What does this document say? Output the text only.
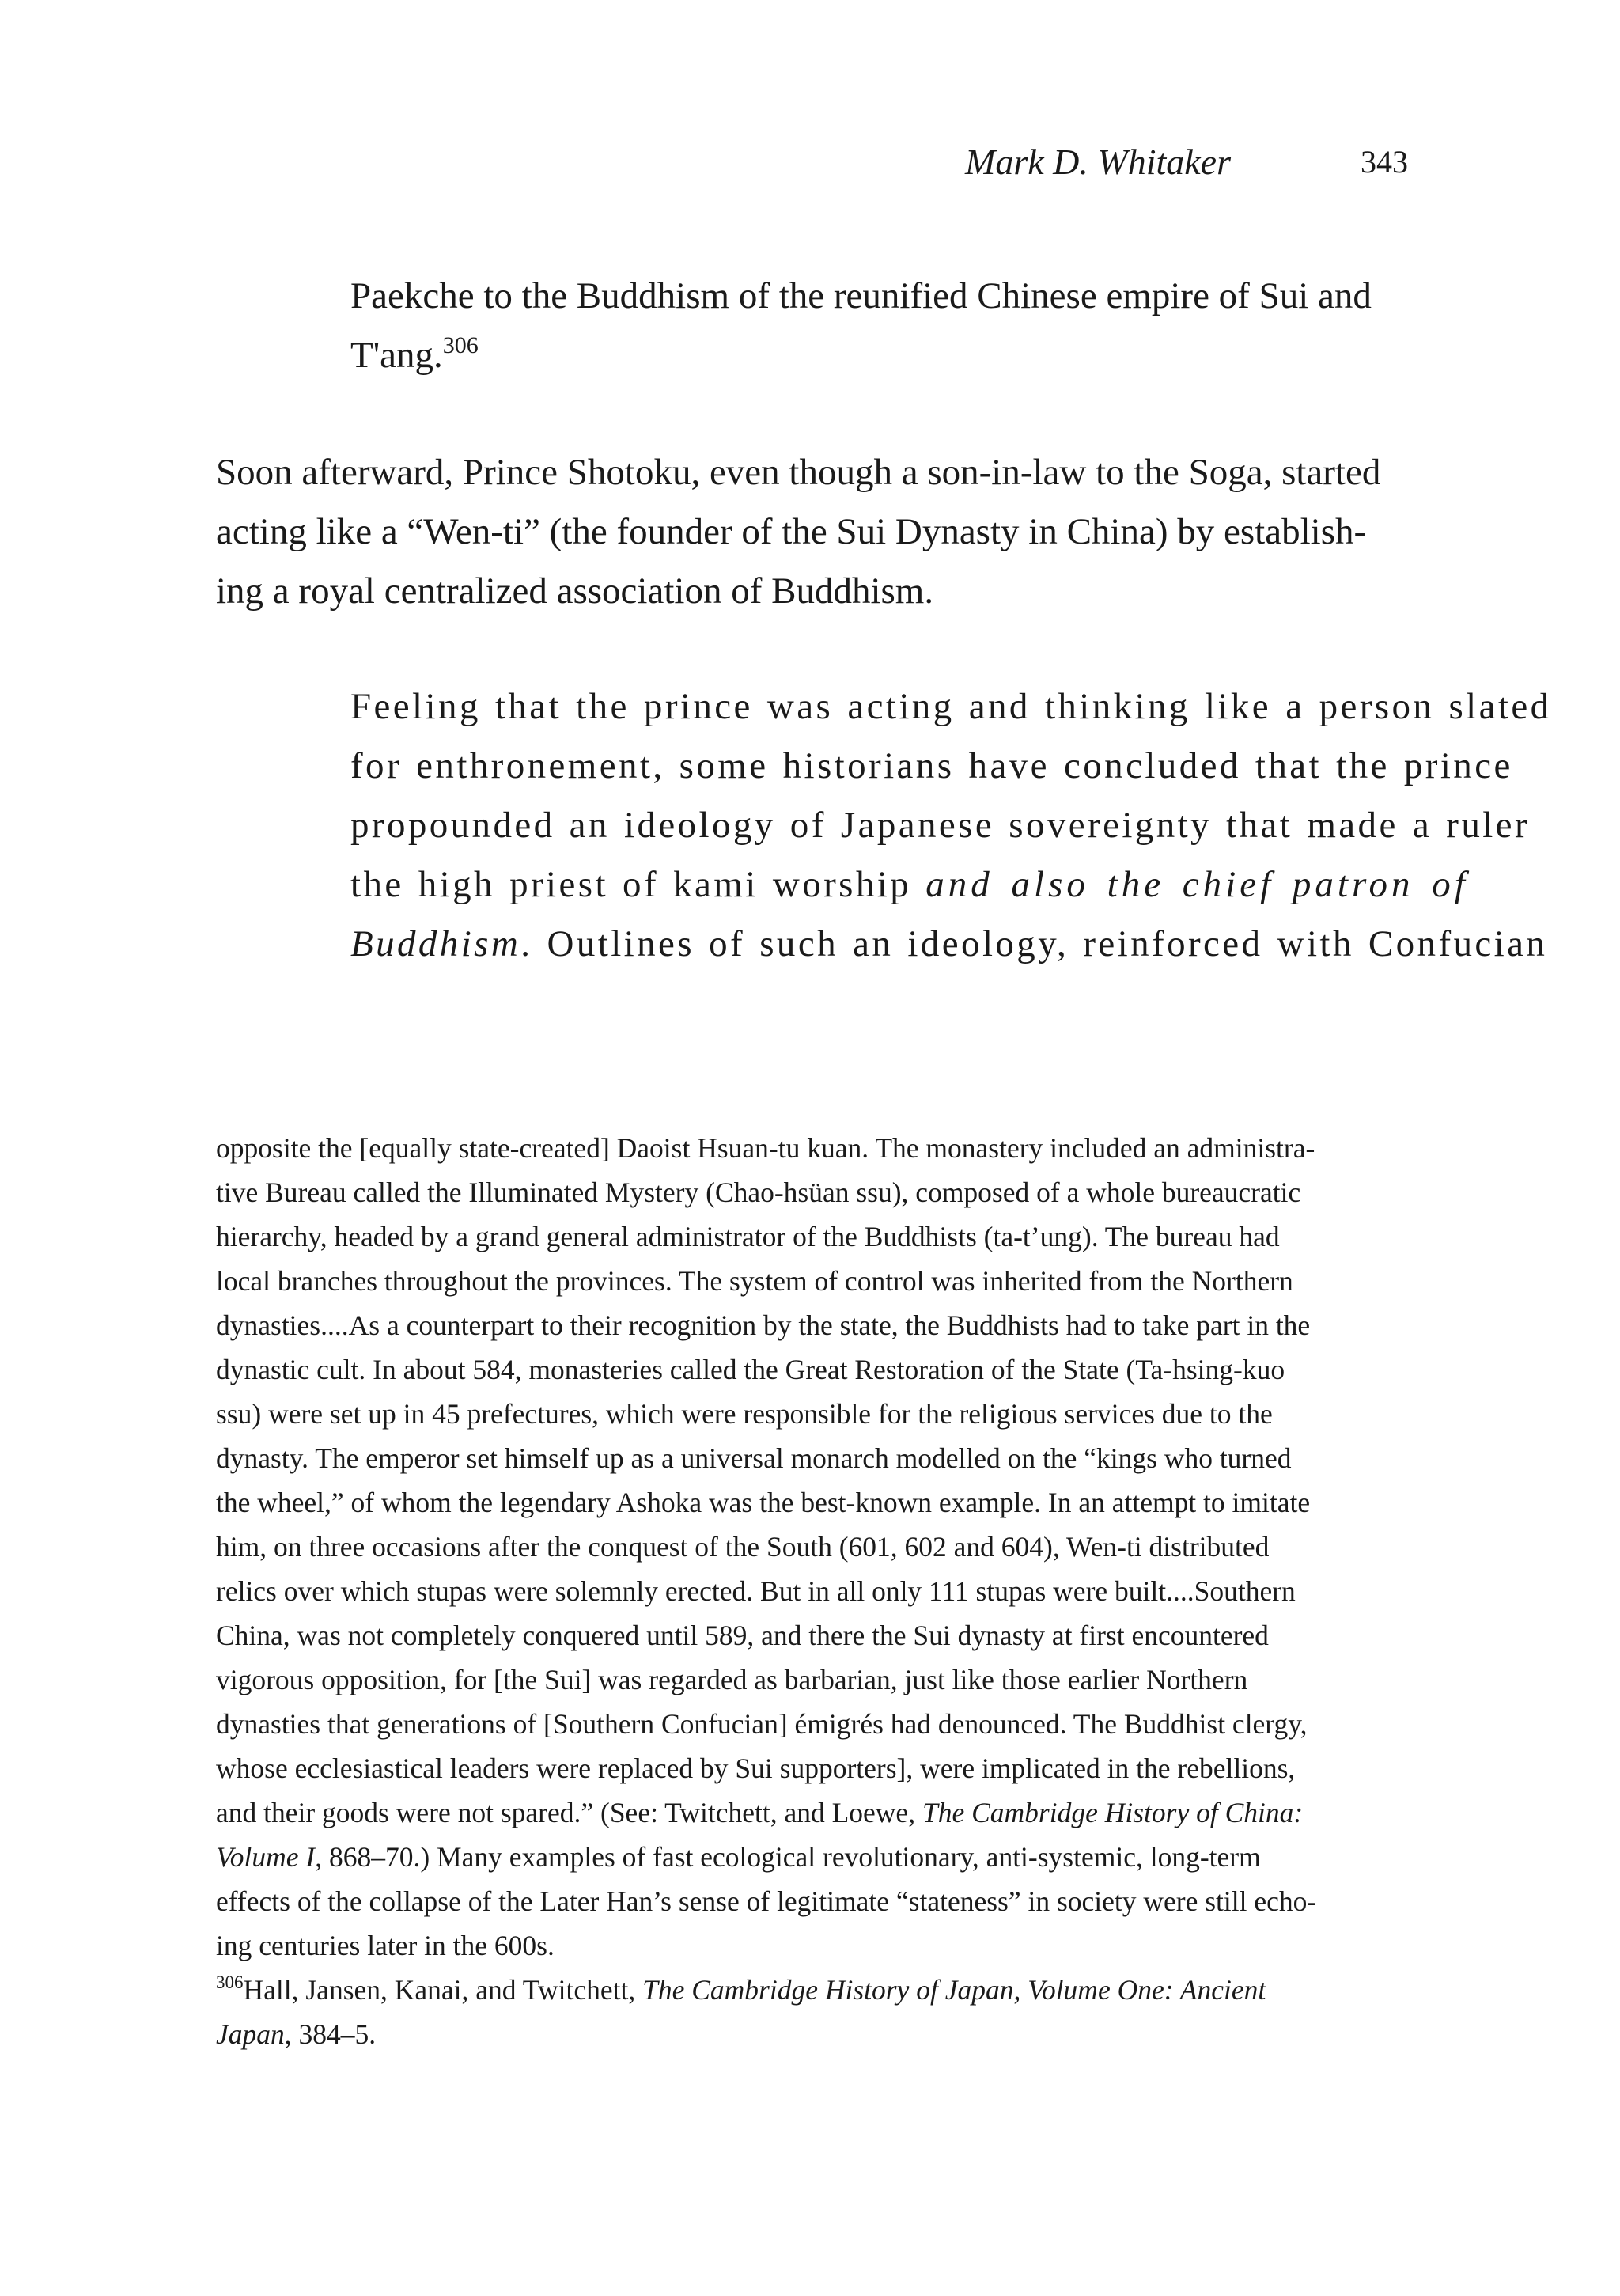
Mark D. Whitaker	343
Paekche to the Buddhism of the reunified Chinese empire of Sui and
T'ang.$^{306}$
Soon afterward, Prince Shotoku, even though a son-in-law to the Soga, started
acting like a “Wen-ti” (the founder of the Sui Dynasty in China) by establish-
ing a royal centralized association of Buddhism.
Feeling that the prince was acting and thinking like a person slated
for enthronement, some historians have concluded that the prince
propounded an ideology of Japanese sovereignty that made a ruler
the high priest of kami worship and also the chief patron of
Buddhism. Outlines of such an ideology, reinforced with Confucian
opposite the [equally state-created] Daoist Hsuan-tu kuan. The monastery included an administra-
tive Bureau called the Illuminated Mystery (Chao-hsüan ssu), composed of a whole bureaucratic
hierarchy, headed by a grand general administrator of the Buddhists (ta-t’ung). The bureau had
local branches throughout the provinces. The system of control was inherited from the Northern
dynasties....As a counterpart to their recognition by the state, the Buddhists had to take part in the
dynastic cult. In about 584, monasteries called the Great Restoration of the State (Ta-hsing-kuo
ssu) were set up in 45 prefectures, which were responsible for the religious services due to the
dynasty. The emperor set himself up as a universal monarch modelled on the “kings who turned
the wheel,” of whom the legendary Ashoka was the best-known example. In an attempt to imitate
him, on three occasions after the conquest of the South (601, 602 and 604), Wen-ti distributed
relics over which stupas were solemnly erected. But in all only 111 stupas were built....Southern
China, was not completely conquered until 589, and there the Sui dynasty at first encountered
vigorous opposition, for [the Sui] was regarded as barbarian, just like those earlier Northern
dynasties that generations of [Southern Confucian] émigrés had denounced. The Buddhist clergy,
whose ecclesiastical leaders were replaced by Sui supporters], were implicated in the rebellions,
and their goods were not spared.” (See: Twitchett, and Loewe, The Cambridge History of China:
Volume I, 868–70.) Many examples of fast ecological revolutionary, anti-systemic, long-term
effects of the collapse of the Later Han’s sense of legitimate “stateness” in society were still echo-
ing centuries later in the 600s.
$^{306}$Hall, Jansen, Kanai, and Twitchett, The Cambridge History of Japan, Volume One: Ancient
Japan, 384–5.
